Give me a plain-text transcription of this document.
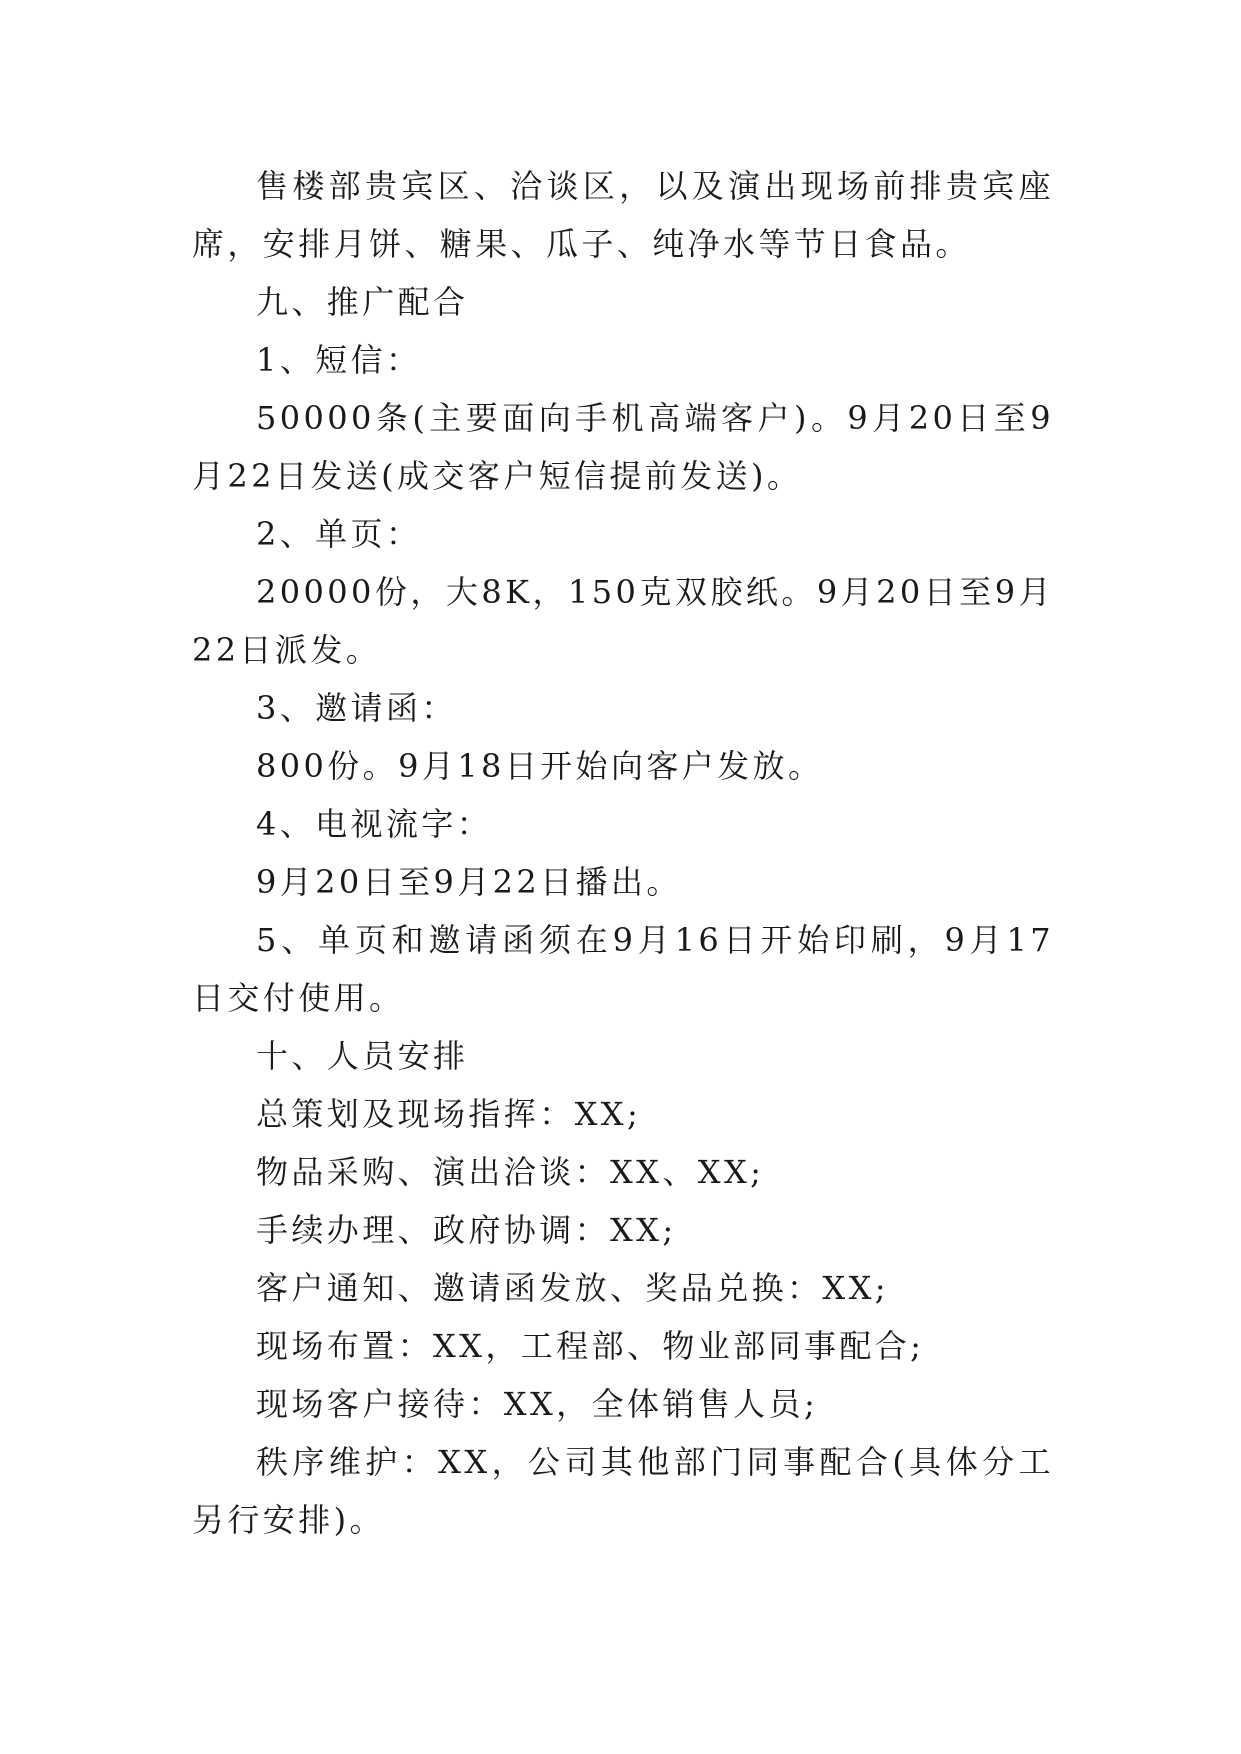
售楼部贵宾区、洽谈区，以及演出现场前排贵宾座席，安排月饼、糖果、瓜子、纯净水等节日食品。

九、推广配合

1、短信：

50000条(主要面向手机高端客户)。9月20日至9月22日发送(成交客户短信提前发送)。

2、单页：

20000份，大8K，150克双胶纸。9月20日至9月22日派发。

3、邀请函：

800份。9月18日开始向客户发放。

4、电视流字：

9月20日至9月22日播出。

5、单页和邀请函须在9月16日开始印刷，9月17日交付使用。

十、人员安排

总策划及现场指挥：XX;

物品采购、演出洽谈：XX、XX;

手续办理、政府协调：XX;

客户通知、邀请函发放、奖品兑换：XX;

现场布置：XX，工程部、物业部同事配合;

现场客户接待：XX，全体销售人员;

秩序维护：XX，公司其他部门同事配合(具体分工另行安排)。
